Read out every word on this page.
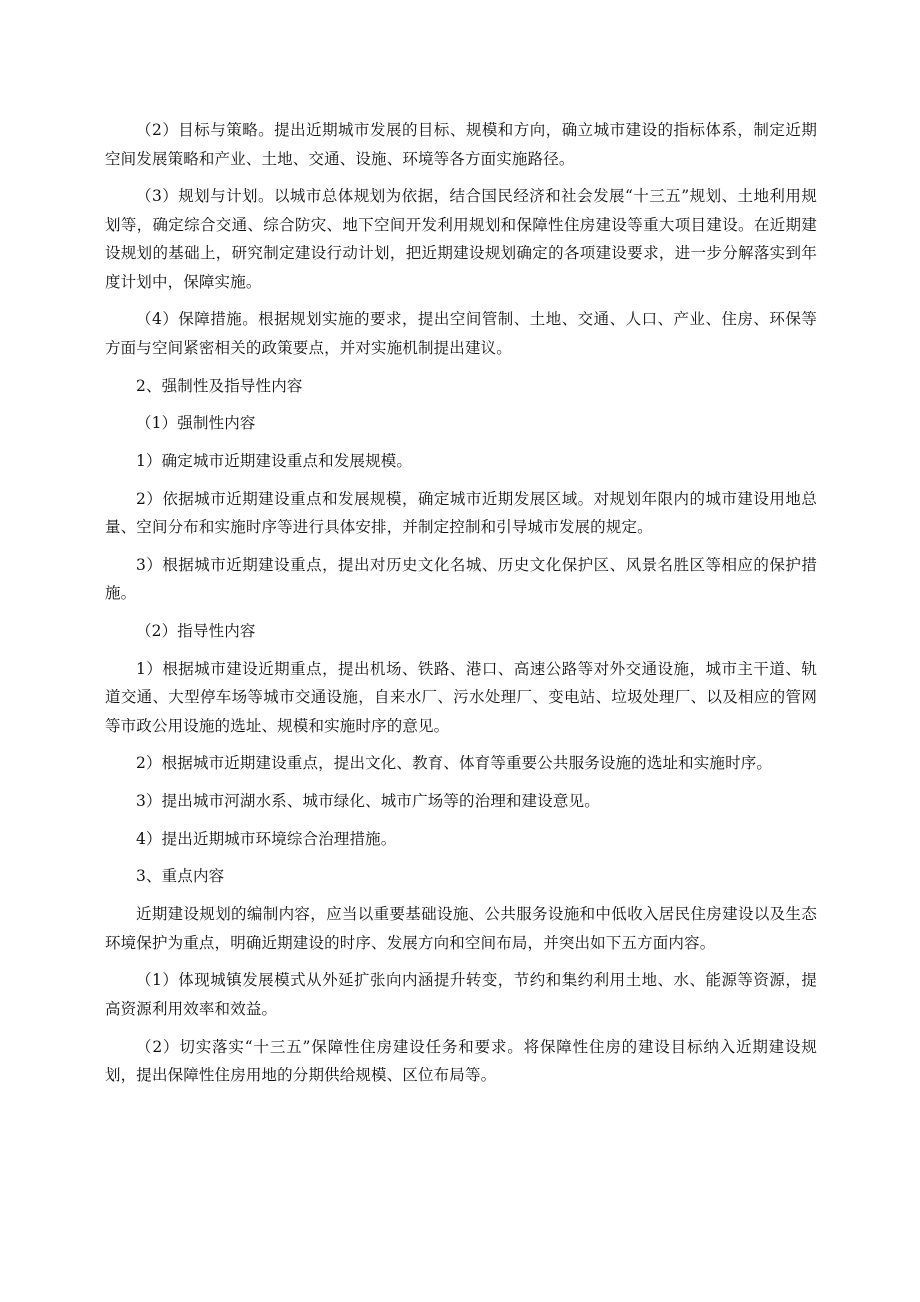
（2）目标与策略。提出近期城市发展的目标、规模和方向，确立城市建设的指标体系，制定近期空间发展策略和产业、土地、交通、设施、环境等各方面实施路径。

（3）规划与计划。以城市总体规划为依据，结合国民经济和社会发展“十三五”规划、土地利用规划等，确定综合交通、综合防灾、地下空间开发利用规划和保障性住房建设等重大项目建设。在近期建设规划的基础上，研究制定建设行动计划，把近期建设规划确定的各项建设要求，进一步分解落实到年度计划中，保障实施。

（4）保障措施。根据规划实施的要求，提出空间管制、土地、交通、人口、产业、住房、环保等方面与空间紧密相关的政策要点，并对实施机制提出建议。

2、强制性及指导性内容

（1）强制性内容

1）确定城市近期建设重点和发展规模。

2）依据城市近期建设重点和发展规模，确定城市近期发展区域。对规划年限内的城市建设用地总量、空间分布和实施时序等进行具体安排，并制定控制和引导城市发展的规定。

3）根据城市近期建设重点，提出对历史文化名城、历史文化保护区、风景名胜区等相应的保护措施。

（2）指导性内容

1）根据城市建设近期重点，提出机场、铁路、港口、高速公路等对外交通设施，城市主干道、轨道交通、大型停车场等城市交通设施，自来水厂、污水处理厂、变电站、垃圾处理厂、以及相应的管网等市政公用设施的选址、规模和实施时序的意见。

2）根据城市近期建设重点，提出文化、教育、体育等重要公共服务设施的选址和实施时序。

3）提出城市河湖水系、城市绿化、城市广场等的治理和建设意见。

4）提出近期城市环境综合治理措施。

3、重点内容

近期建设规划的编制内容，应当以重要基础设施、公共服务设施和中低收入居民住房建设以及生态环境保护为重点，明确近期建设的时序、发展方向和空间布局，并突出如下五方面内容。

（1）体现城镇发展模式从外延扩张向内涵提升转变，节约和集约利用土地、水、能源等资源，提高资源利用效率和效益。

（2）切实落实“十三五”保障性住房建设任务和要求。将保障性住房的建设目标纳入近期建设规划，提出保障性住房用地的分期供给规模、区位布局等。
